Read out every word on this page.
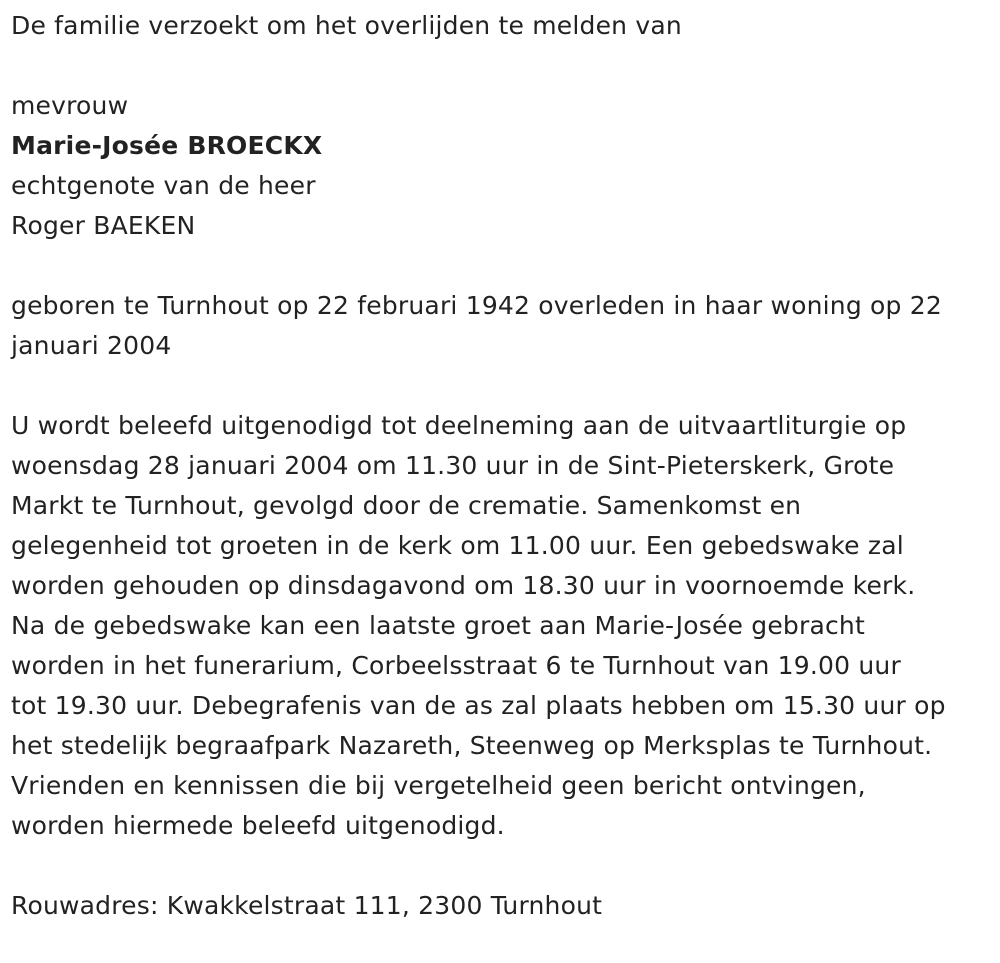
De familie verzoekt om het overlijden te melden van
mevrouw
Marie-Josée BROECKX
echtgenote van de heer
Roger BAEKEN
geboren te Turnhout op 22 februari 1942 overleden in haar woning op 22
januari 2004
U wordt beleefd uitgenodigd tot deelneming aan de uitvaartliturgie op
woensdag 28 januari 2004 om 11.30 uur in de Sint-Pieterskerk, Grote
Markt te Turnhout, gevolgd door de crematie. Samenkomst en
gelegenheid tot groeten in de kerk om 11.00 uur. Een gebedswake zal
worden gehouden op dinsdagavond om 18.30 uur in voornoemde kerk.
Na de gebedswake kan een laatste groet aan Marie-Josée gebracht
worden in het funerarium, Corbeelsstraat 6 te Turnhout van 19.00 uur
tot 19.30 uur. Debegrafenis van de as zal plaats hebben om 15.30 uur op
het stedelijk begraafpark Nazareth, Steenweg op Merksplas te Turnhout.
Vrienden en kennissen die bij vergetelheid geen bericht ontvingen,
worden hiermede beleefd uitgenodigd.
Rouwadres: Kwakkelstraat 111, 2300 Turnhout
